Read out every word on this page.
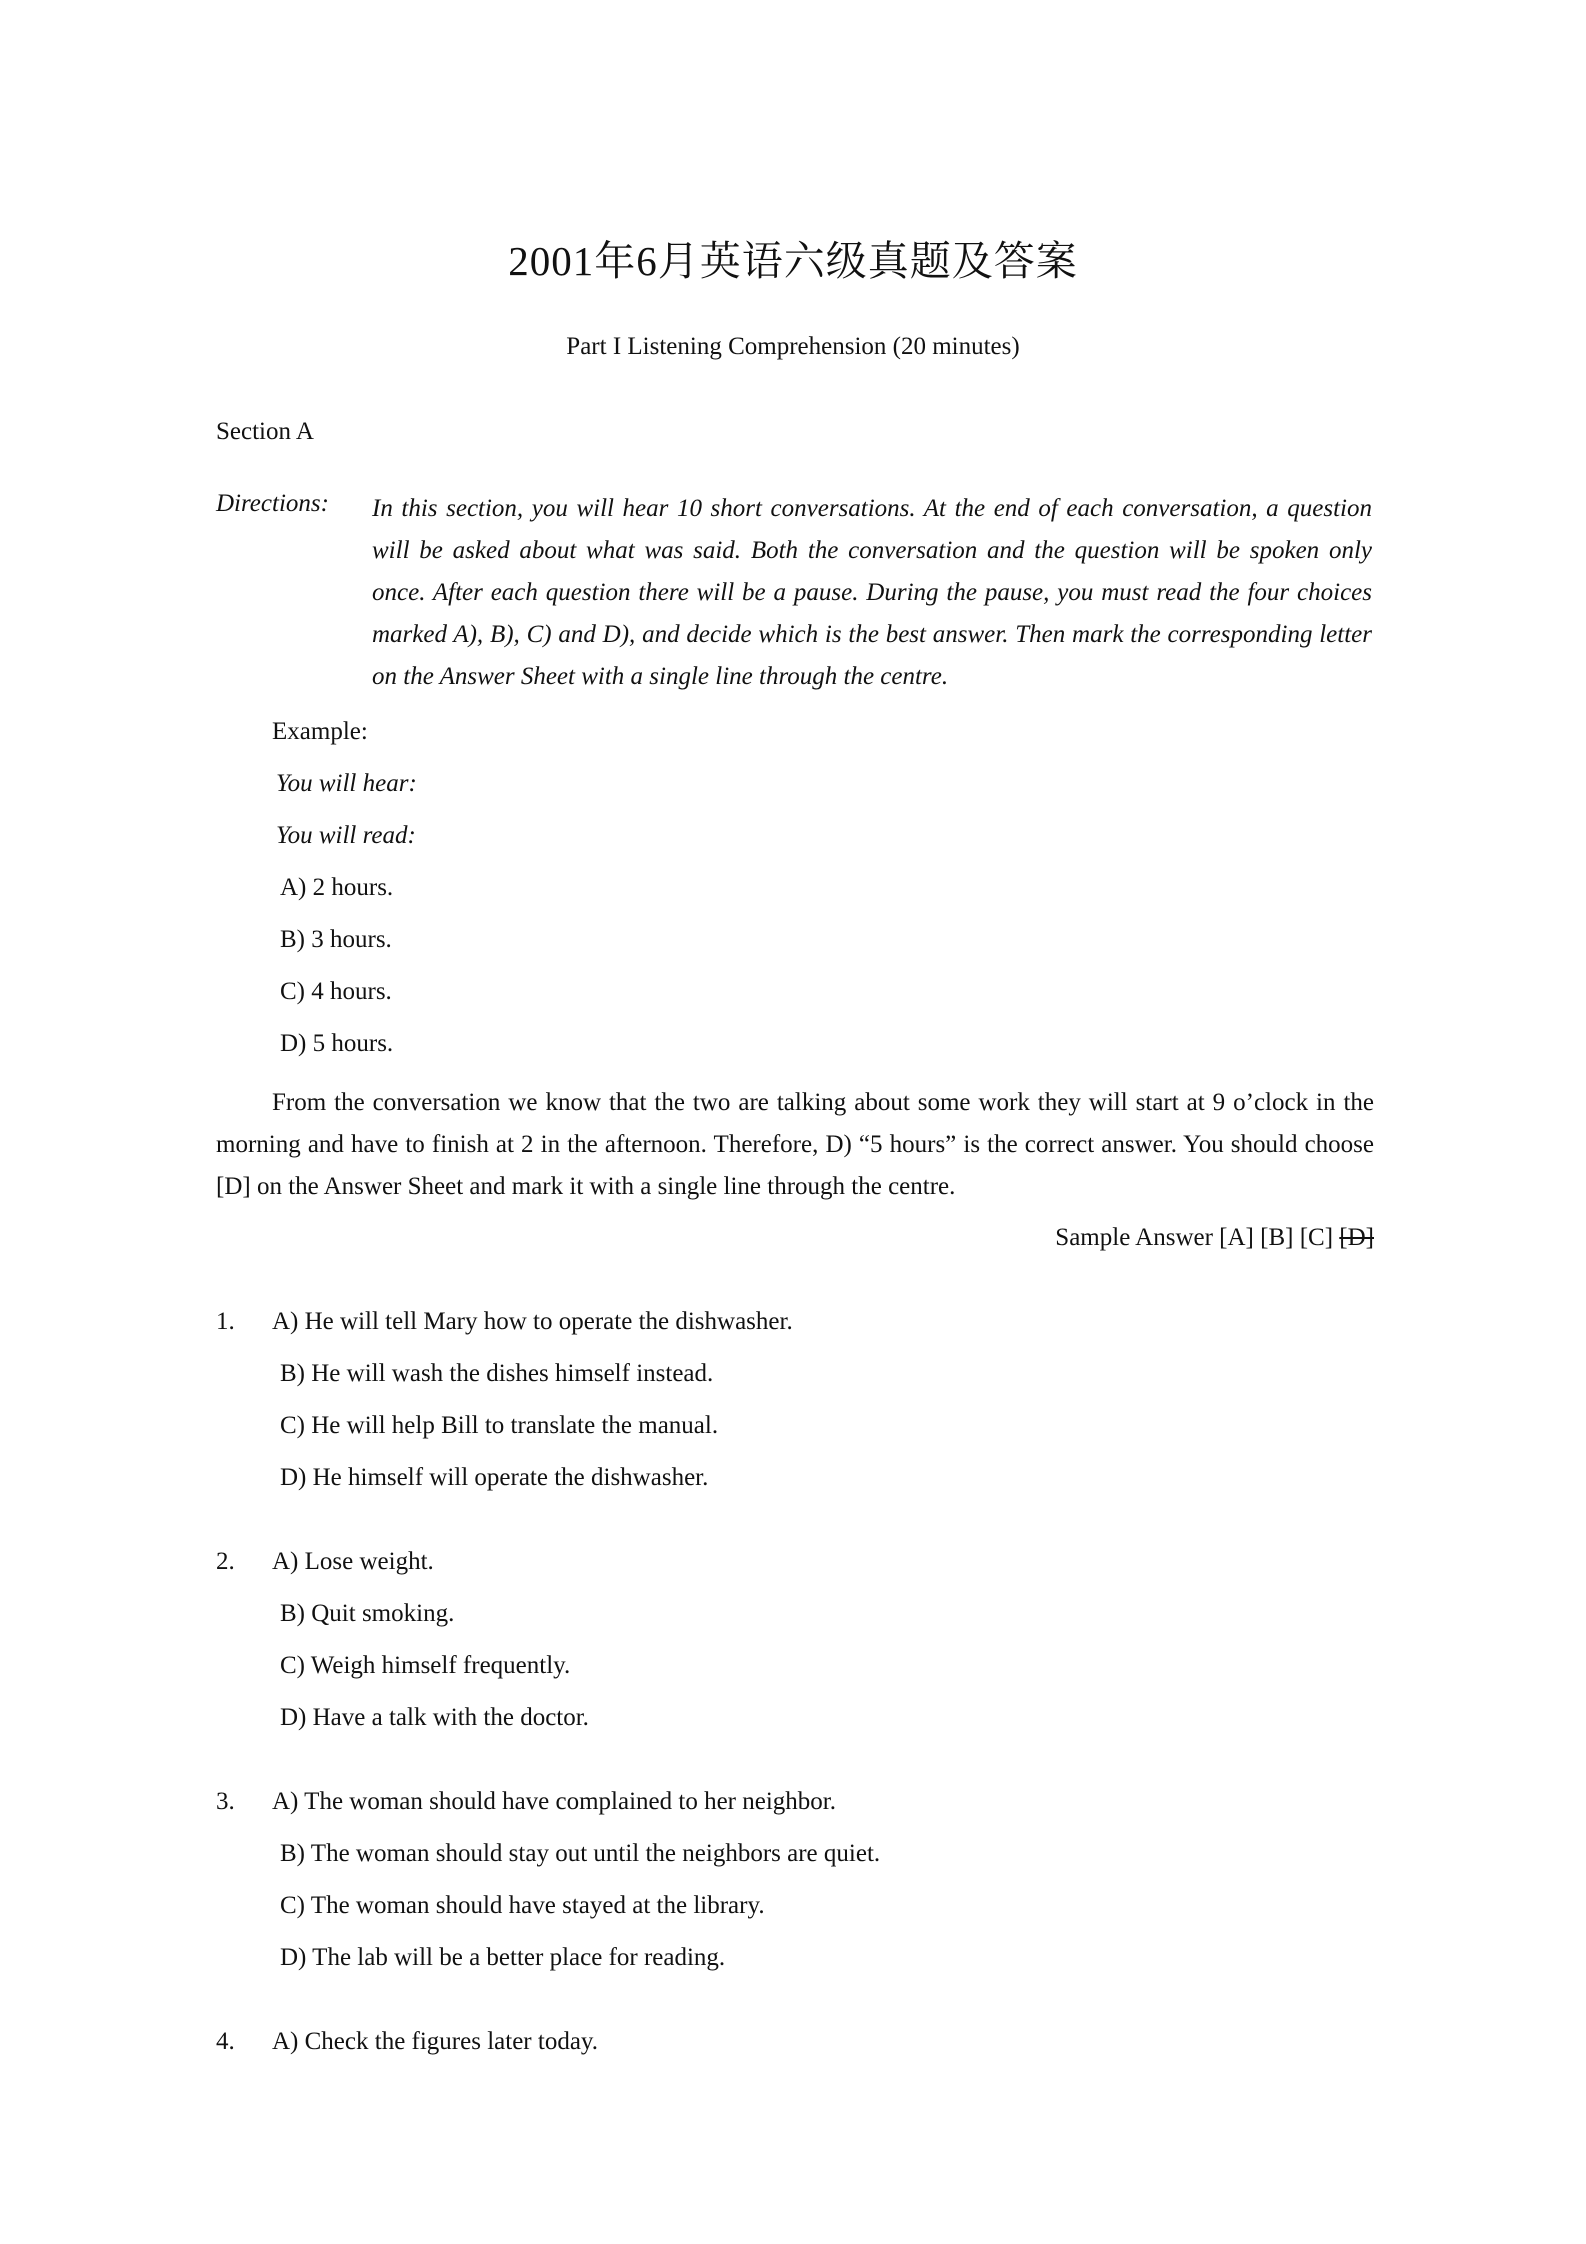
2001年6月英语六级真题及答案
Part I Listening Comprehension (20 minutes)
Section A
Directions: In this section, you will hear 10 short conversations. At the end of each conversation, a question will be asked about what was said. Both the conversation and the question will be spoken only once. After each question there will be a pause. During the pause, you must read the four choices marked A), B), C) and D), and decide which is the best answer. Then mark the corresponding letter on the Answer Sheet with a single line through the centre.

Example:
You will hear:
You will read:
A) 2 hours.
B) 3 hours.
C) 4 hours.
D) 5 hours.

From the conversation we know that the two are talking about some work they will start at 9 o’clock in the morning and have to finish at 2 in the afternoon. Therefore, D) “5 hours” is the correct answer. You should choose [D] on the Answer Sheet and mark it with a single line through the centre.

Sample Answer [A] [B] [C] [D]
1. A) He will tell Mary how to operate the dishwasher.
B) He will wash the dishes himself instead.
C) He will help Bill to translate the manual.
D) He himself will operate the dishwasher.
2. A) Lose weight.
B) Quit smoking.
C) Weigh himself frequently.
D) Have a talk with the doctor.
3. A) The woman should have complained to her neighbor.
B) The woman should stay out until the neighbors are quiet.
C) The woman should have stayed at the library.
D) The lab will be a better place for reading.
4. A) Check the figures later today.
